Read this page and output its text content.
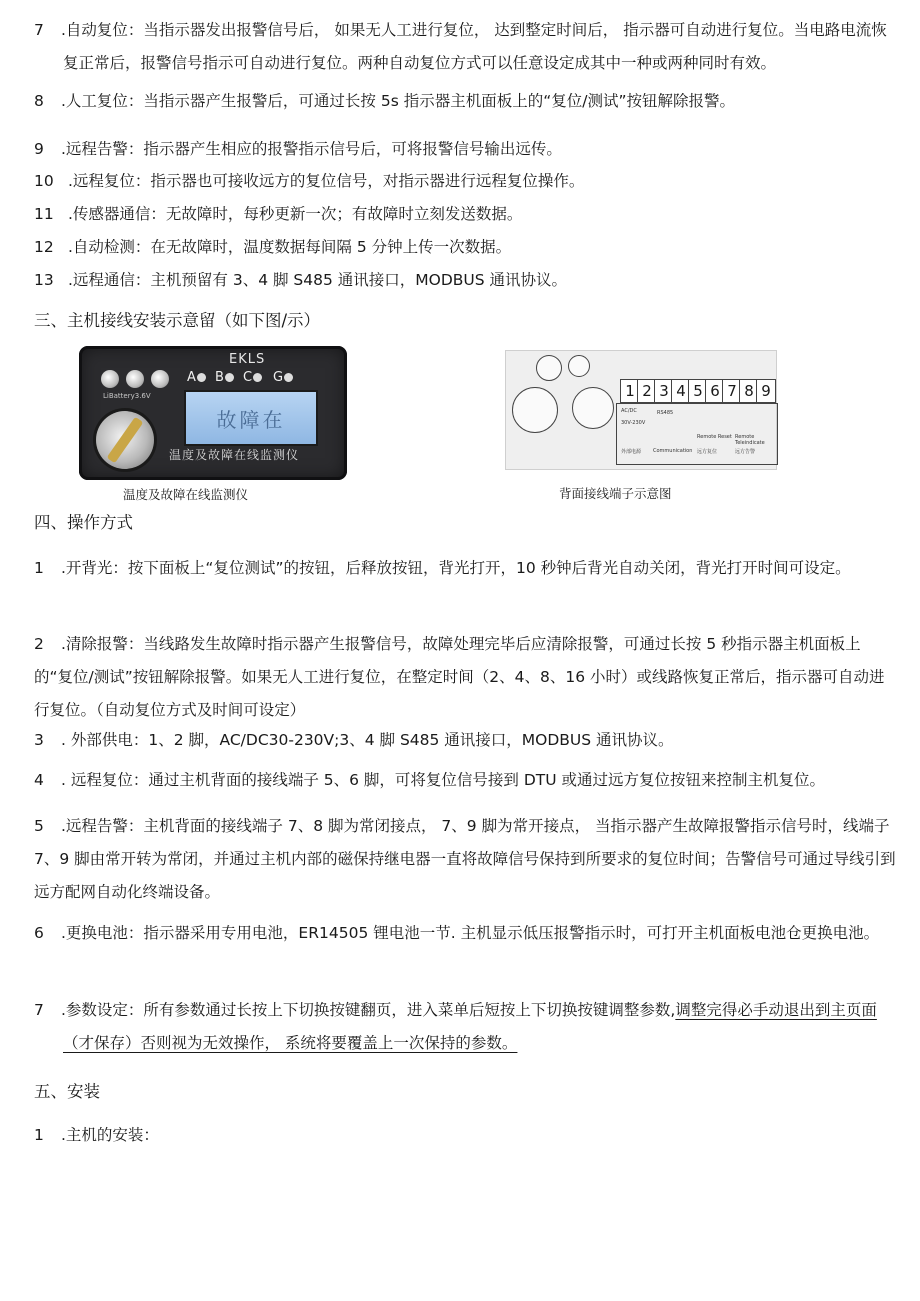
7 .自动复位：当指示器发出报警信号后， 如果无人工进行复位， 达到整定时间后， 指示器可自动进行复位。当电路电流恢复正常后，报警信号指示可自动进行复位。两种自动复位方式可以任意设定成其中一种或两种同时有效。
8 .人工复位：当指示器产生报警后，可通过长按 5s 指示器主机面板上的“复位/测试”按钮解除报警。
9 .远程告警：指示器产生相应的报警指示信号后，可将报警信号输出远传。
10 .远程复位：指示器也可接收远方的复位信号，对指示器进行远程复位操作。
11 .传感器通信：无故障时，每秒更新一次；有故障时立刻发送数据。
12 .自动检测：在无故障时，温度数据每间隔 5 分钟上传一次数据。
13 .远程通信：主机预留有 3、4 脚 S485 通讯接口，MODBUS 通讯协议。
三、主机接线安装示意留（如下图/示）
EKLS
A	B	C	G
LiBattery3.6V
故障在
温度及故障在线监测仪
温度及故障在线监测仪
1 2 3 4 5 6 7 8 9
AC/DC
30V-230V
RS485
Remote Reset Remote Teleindicate
外部电源 Communication 远方复位	远方告警
背面接线端子示意图
四、操作方式
1 .开背光：按下面板上“复位测试”的按钮，后释放按钮，背光打开，10 秒钟后背光自动关闭，背光打开时间可设定。
2 .清除报警：当线路发生故障时指示器产生报警信号，故障处理完毕后应清除报警，可通过长按 5 秒指示器主机面板上的“复位/测试”按钮解除报警。如果无人工进行复位，在整定时间（2、4、8、16 小时）或线路恢复正常后，指示器可自动进行复位。（自动复位方式及时间可设定）
3 . 外部供电：1、2 脚，AC/DC30-230V;3、4 脚 S485 通讯接口，MODBUS 通讯协议。
4 . 远程复位：通过主机背面的接线端子 5、6 脚，可将复位信号接到 DTU 或通过远方复位按钮来控制主机复位。
5 .远程告警：主机背面的接线端子 7、8 脚为常闭接点， 7、9 脚为常开接点， 当指示器产生故障报警指示信号时，线端子 7、9 脚由常开转为常闭，并通过主机内部的磁保持继电器一直将故障信号保持到所要求的复位时间；告警信号可通过导线引到远方配网自动化终端设备。
6 .更换电池：指示器采用专用电池，ER14505 锂电池一节. 主机显示低压报警指示时，可打开主机面板电池仓更换电池。
7 .参数设定：所有参数通过长按上下切换按键翻页，进入菜单后短按上下切换按键调整参数,调整完得必手动退出到主页面（才保存）否则视为无效操作， 系统将要覆盖上一次保持的参数。
五、安装
1 .主机的安装：
